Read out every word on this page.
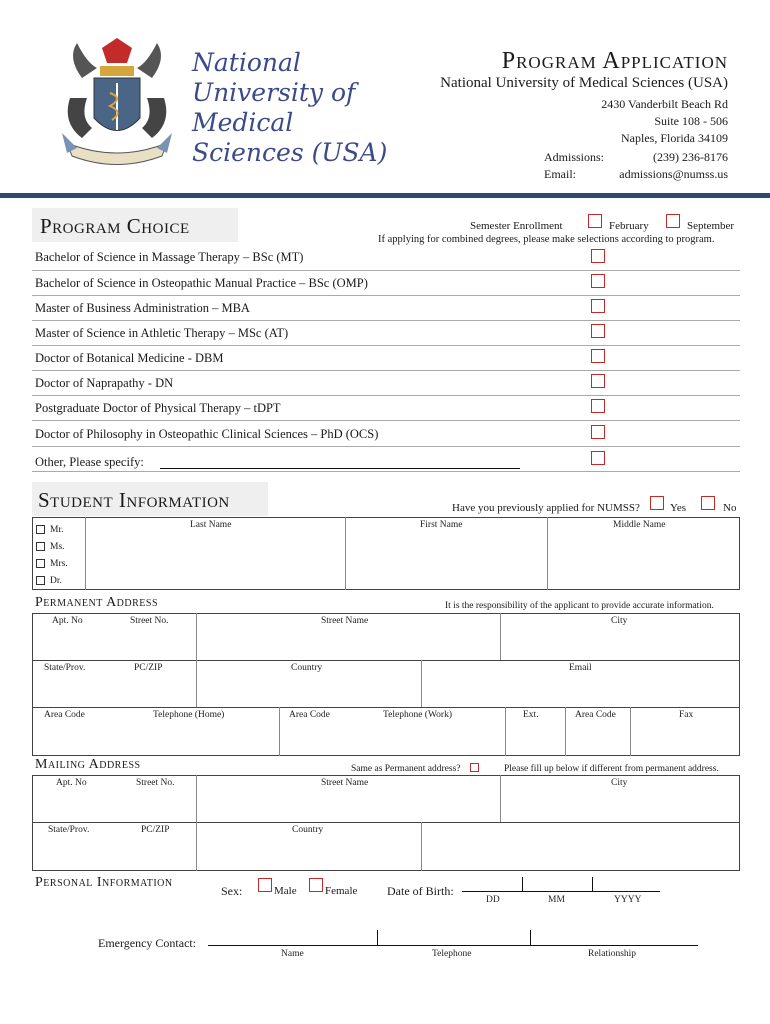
National
University of
Medical
Sciences (USA)
Program Application
National University of Medical Sciences (USA)
2430 Vanderbilt Beach Rd
Suite 108 - 506
Naples, Florida 34109
Admissions:	(239) 236-8176
Email:	admissions@numss.us
Program Choice	Semester Enrollment	February	September
If applying for combined degrees, please make selections according to program.
Bachelor of Science in Massage Therapy – BSc (MT)
Bachelor of Science in Osteopathic Manual Practice – BSc (OMP)
Master of Business Administration – MBA
Master of Science in Athletic Therapy – MSc (AT)
Doctor of Botanical Medicine - DBM
Doctor of Naprapathy - DN
Postgraduate Doctor of Physical Therapy – tDPT
Doctor of Philosophy in Osteopathic Clinical Sciences – PhD (OCS)
Other, Please specify:
Student Information	Have you previously applied for NUMSS?	Yes	No
Mr.
Ms.
Mrs.
Dr.
Last Name	First Name	Middle Name
Permanent Address	It is the responsibility of the applicant to provide accurate information.
Apt. No	Street No.	Street Name	City
State/Prov.	PC/ZIP	Country	Email
Area Code	Telephone (Home)	Area Code	Telephone (Work)	Ext.	Area Code	Fax
Mailing Address	Same as Permanent address?	Please fill up below if different from permanent address.
Apt. No	Street No.	Street Name	City
State/Prov.	PC/ZIP	Country
Personal Information
Sex:	Male	Female Date of Birth:
DD	MM	YYYY
Emergency Contact:
Name	Telephone	Relationship
